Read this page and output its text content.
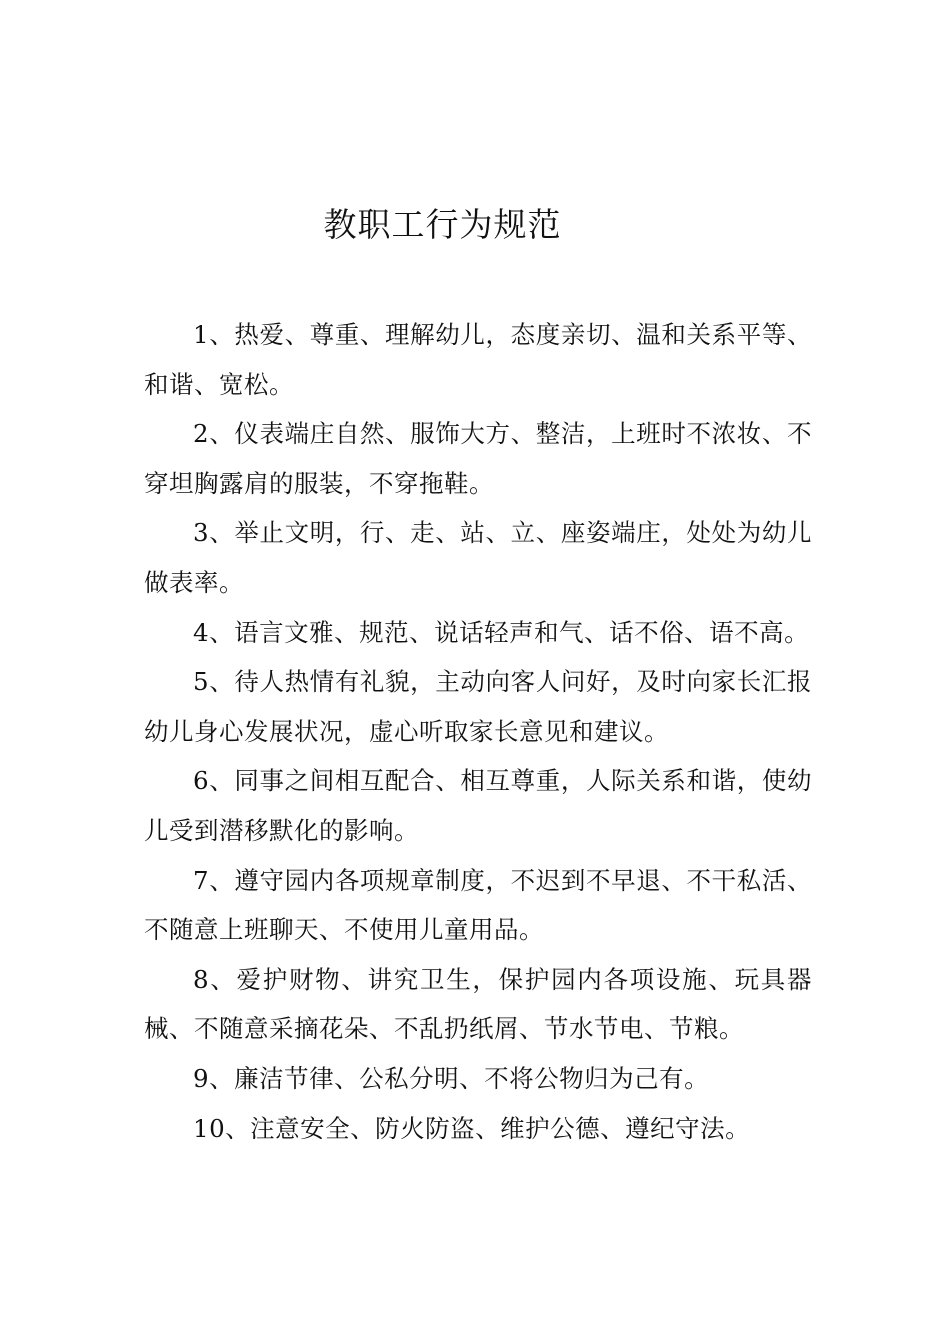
教职工行为规范

1、热爱、尊重、理解幼儿，态度亲切、温和关系平等、和谐、宽松。

2、仪表端庄自然、服饰大方、整洁，上班时不浓妆、不穿坦胸露肩的服装，不穿拖鞋。

3、举止文明，行、走、站、立、座姿端庄，处处为幼儿做表率。

4、语言文雅、规范、说话轻声和气、话不俗、语不高。

5、待人热情有礼貌，主动向客人问好，及时向家长汇报幼儿身心发展状况，虚心听取家长意见和建议。

6、同事之间相互配合、相互尊重，人际关系和谐，使幼儿受到潜移默化的影响。

7、遵守园内各项规章制度，不迟到不早退、不干私活、不随意上班聊天、不使用儿童用品。

8、爱护财物、讲究卫生，保护园内各项设施、玩具器械、不随意采摘花朵、不乱扔纸屑、节水节电、节粮。

9、廉洁节律、公私分明、不将公物归为己有。

10、注意安全、防火防盗、维护公德、遵纪守法。
